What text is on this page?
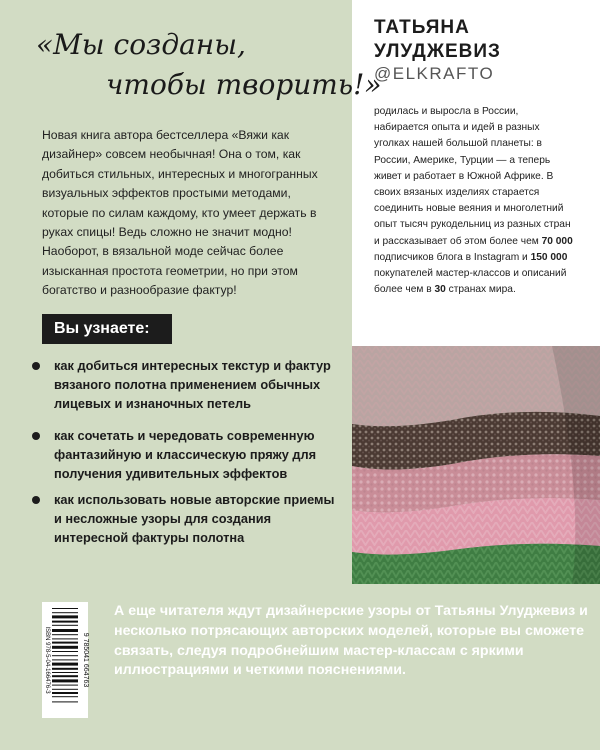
«Мы созданы,
чтобы творить!»
Новая книга автора бестселлера «Вяжи как дизайнер» совсем необычная! Она о том, как добиться стильных, интересных и многогранных визуальных эффектов простыми методами, которые по силам каждому, кто умеет держать в руках спицы! Ведь сложно не значит модно! Наоборот, в вязальной моде сейчас более изысканная простота геометрии, но при этом богатство и разнообразие фактур!
Вы узнаете:
как добиться интересных текстур и фактур вязаного полотна применением обычных лицевых и изнаночных петель
как сочетать и чередовать современную фантазийную и классическую пряжу для получения удивительных эффектов
как использовать новые авторские приемы и несложные узоры для создания интересной фактуры полотна
ТАТЬЯНА УЛУДЖЕВИЗ
@ELKRAFTO
родилась и выросла в России, набирается опыта и идей в разных уголках нашей большой планеты: в России, Америке, Турции — а теперь живет и работает в Южной Африке. В своих вязаных изделиях старается соединить новые веяния и многолетний опыт тысяч рукодельниц из разных стран и рассказывает об этом более чем 70 000 подписчиков блога в Instagram и 150 000 покупателей мастер-классов и описаний более чем в 30 странах мира.
ISBN 978-5-04-166476-3	9 785041 664763
А еще читателя ждут дизайнерские узоры от Татьяны Улуджевиз и несколько потрясающих авторских моделей, которые вы сможете связать, следуя подробнейшим мастер-классам с яркими иллюстрациями и четкими пояснениями.
